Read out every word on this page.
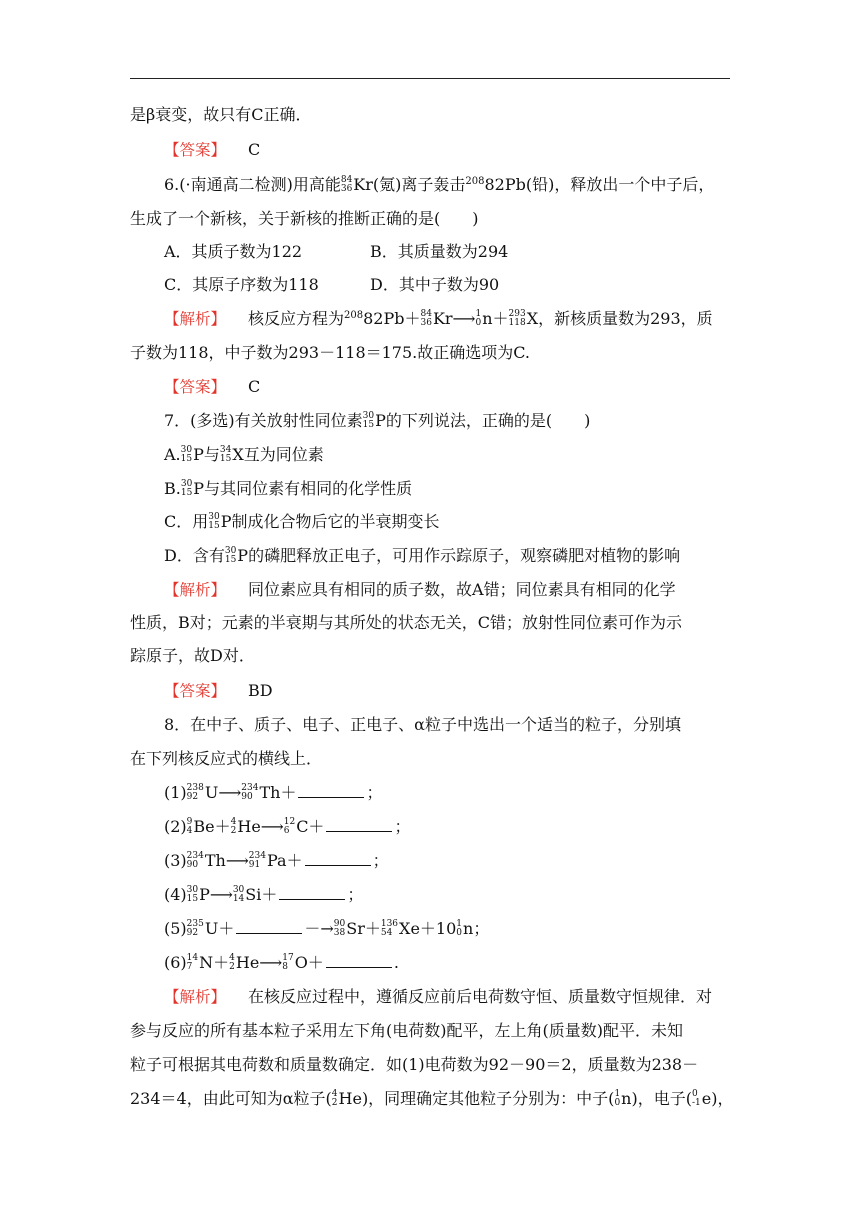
是β衰变，故只有C正确．
【答案】 C
6.(·南通高二检测)用高能 84
36 Kr(氪)离子轰击$^{208}$82Pb(铅)，释放出一个中子后，
生成了一个新核，关于新核的推断正确的是(　　)
A．其质子数为122	B．其质量数为294
C．其原子序数为118	D．其中子数为90
【解析】 核反应方程为$^{208}$82Pb＋ 84
36 Kr⟶ 1
0 n＋ 293
118 X，新核质量数为293，质
子数为118，中子数为293－118＝175.故正确选项为C.
【答案】 C
7．(多选)有关放射性同位素 30
15 P的下列说法，正确的是(　　)
A. 30
15 P与 34
15 X互为同位素
B. 30
15 P与其同位素有相同的化学性质
C．用 30
15 P制成化合物后它的半衰期变长
D．含有 30
15 P的磷肥释放正电子，可用作示踪原子，观察磷肥对植物的影响
【解析】 同位素应具有相同的质子数，故A错；同位素具有相同的化学
性质，B对；元素的半衰期与其所处的状态无关，C错；放射性同位素可作为示
踪原子，故D对．
【答案】 BD
8．在中子、质子、电子、正电子、α粒子中选出一个适当的粒子，分别填
在下列核反应式的横线上．
(1) 238
92 U⟶ 234
90 Th＋	；
(2) 9
4 Be＋ 4
2 He⟶ 12
6 C＋	；
(3) 234
90 Th⟶ 234
91 Pa＋	；
(4) 30
15 P⟶ 30
14 Si＋	；
(5) 235
92 U＋	－→ 90
38 Sr＋ 136
54 Xe＋10 1
0 n；
(6) 14
7 N＋ 4
2 He⟶ 17
8 O＋	.
【解析】 在核反应过程中，遵循反应前后电荷数守恒、质量数守恒规律．对
参与反应的所有基本粒子采用左下角(电荷数)配平，左上角(质量数)配平．未知
粒子可根据其电荷数和质量数确定．如(1)电荷数为92－90＝2，质量数为238－
234＝4，由此可知为α粒子( 4
2 He)，同理确定其他粒子分别为：中子( 1
0 n)，电子( 0
-1 e)，
